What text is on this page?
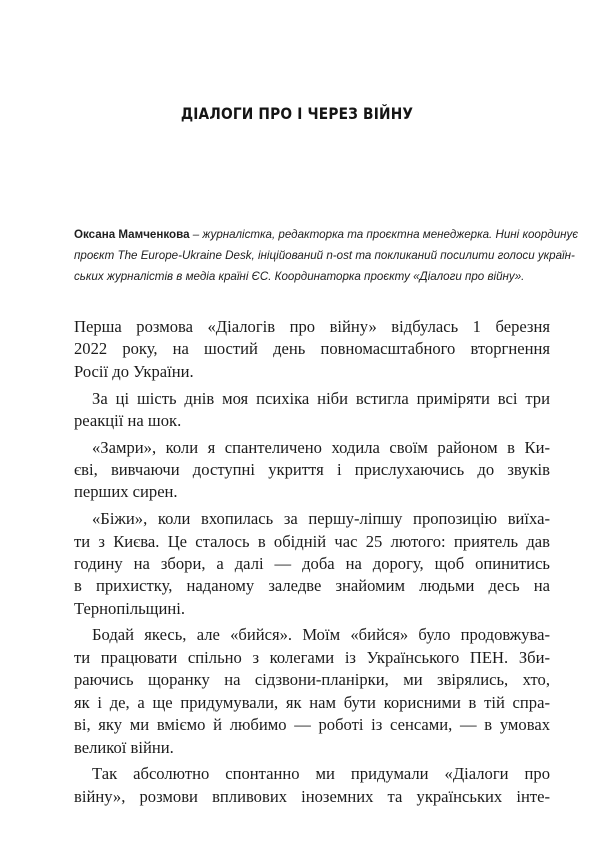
ДІАЛОГИ ПРО І ЧЕРЕЗ ВІЙНУ
Оксана Мамченкова – журналістка, редакторка та проєктна менеджерка. Нині координує
проєкт The Europe-Ukraine Desk, ініційований n-ost та покликаний посилити голоси україн-
ських журналістів в медіа країні ЄС. Координаторка проєкту «Діалоги про війну».
Перша розмова «Діалогів про війну» відбулась 1 березня
2022 року, на шостий день повномасштабного вторгнення
Росії до України.
За ці шість днів моя психіка ніби встигла приміряти всі три
реакції на шок.
«Замри», коли я спантеличено ходила своїм районом в Ки-
єві, вивчаючи доступні укриття і прислухаючись до звуків
перших сирен.
«Біжи», коли вхопилась за першу-ліпшу пропозицію виїха-
ти з Києва. Це сталось в обідній час 25 лютого: приятель дав
годину на збори, а далі — доба на дорогу, щоб опинитись
в прихистку, наданому заледве знайомим людьми десь на
Тернопільщині.
Бодай якесь, але «бийся». Моїм «бийся» було продовжува-
ти працювати спільно з колегами із Українського ПЕН. Зби-
раючись щоранку на сідзвони-планірки, ми звірялись, хто,
як і де, а ще придумували, як нам бути корисними в тій спра-
ві, яку ми вміємо й любимо — роботі із сенсами, — в умовах
великої війни.
Так абсолютно спонтанно ми придумали «Діалоги про
війну», розмови впливових іноземних та українських інте-
